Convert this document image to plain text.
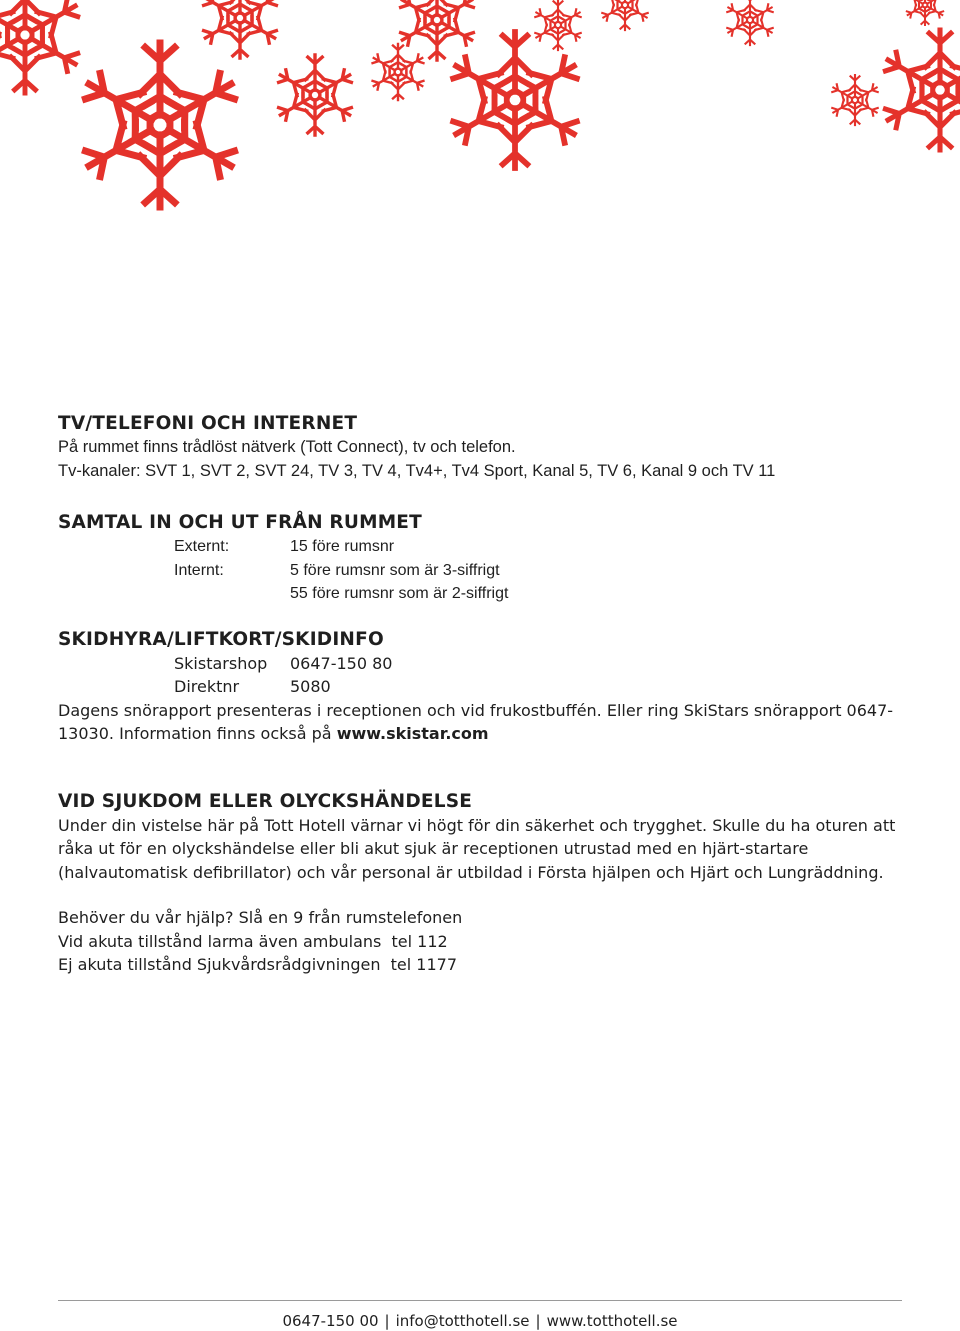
TV/TELEFONI OCH INTERNET

På rummet finns trådlöst nätverk (Tott Connect), tv och telefon.

Tv-kanaler: SVT 1, SVT 2, SVT 24, TV 3, TV 4, Tv4+, Tv4 Sport, Kanal 5, TV 6, Kanal 9 och TV 11

SAMTAL IN OCH UT FRÅN RUMMET
Externt:	15 före rumsnr
Internt:	5 före rumsnr som är 3-siffrigt
55 före rumsnr som är 2-siffrigt
SKIDHYRA/LIFTKORT/SKIDINFO
Skistarshop	0647-150 80
Direktnr	5080

Dagens snörapport presenteras i receptionen och vid frukostbuffén. Eller ring SkiStars snörapport 0647-13030. Information finns också på www.skistar.com

VID SJUKDOM ELLER OLYCKSHÄNDELSE

Under din vistelse här på Tott Hotell värnar vi högt för din säkerhet och trygghet. Skulle du ha oturen att råka ut för en olyckshändelse eller bli akut sjuk är receptionen utrustad med en hjärt-startare (halvautomatisk defibrillator) och vår personal är utbildad i Första hjälpen och Hjärt och Lungräddning.

Behöver du vår hjälp? Slå en 9 från rumstelefonen

Vid akuta tillstånd larma även ambulans  tel 112

Ej akuta tillstånd Sjukvårdsrådgivningen  tel 1177

0647-150 00 | info@totthotell.se | www.totthotell.se
